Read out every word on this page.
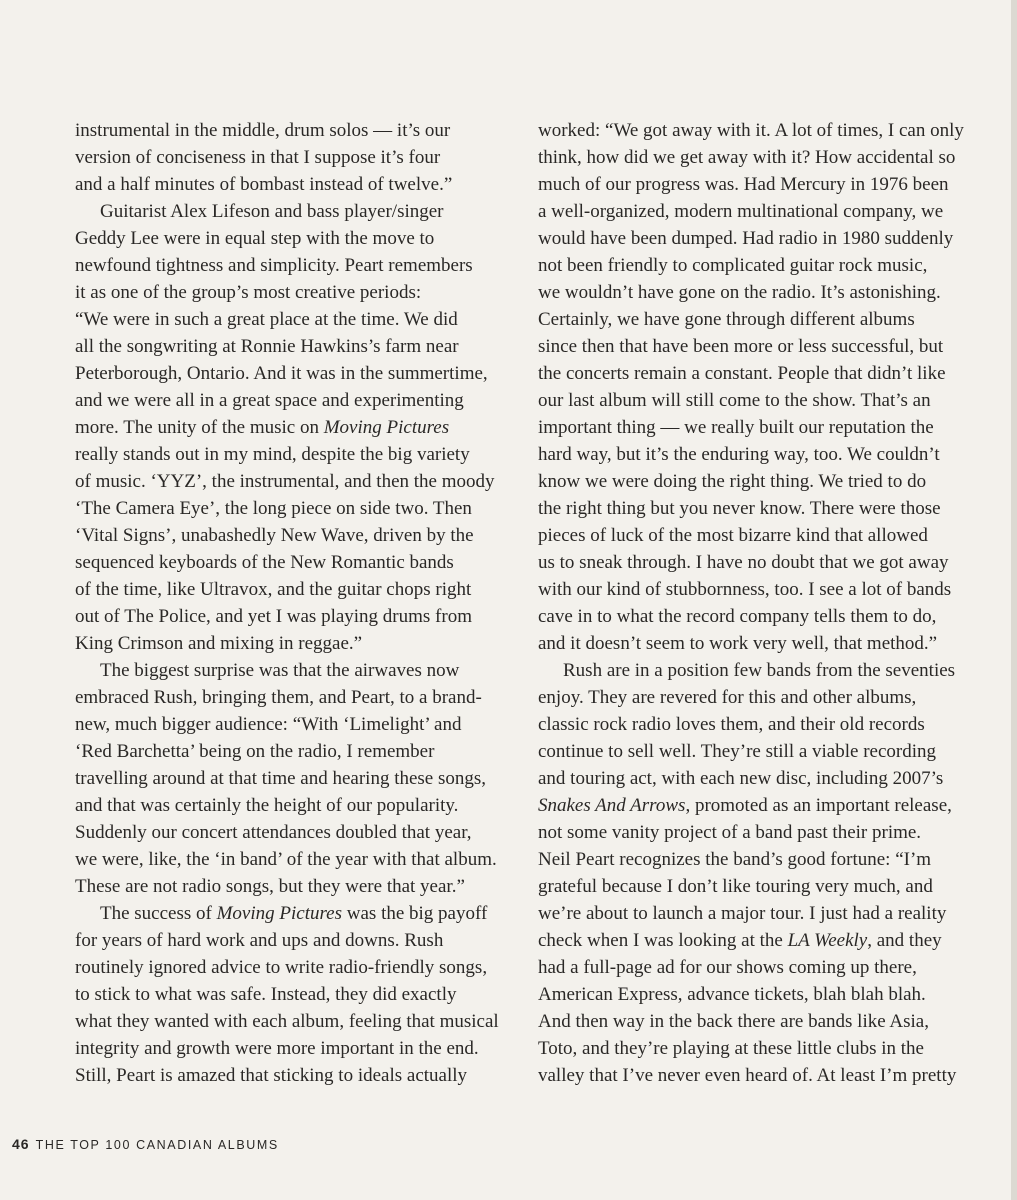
instrumental in the middle, drum solos — it’s our
version of conciseness in that I suppose it’s four
and a half minutes of bombast instead of twelve.”
Guitarist Alex Lifeson and bass player/singer
Geddy Lee were in equal step with the move to
newfound tightness and simplicity. Peart remembers
it as one of the group’s most creative periods:
“We were in such a great place at the time. We did
all the songwriting at Ronnie Hawkins’s farm near
Peterborough, Ontario. And it was in the summertime,
and we were all in a great space and experimenting
more. The unity of the music on Moving Pictures
really stands out in my mind, despite the big variety
of music. ‘YYZ’, the instrumental, and then the moody
‘The Camera Eye’, the long piece on side two. Then
‘Vital Signs’, unabashedly New Wave, driven by the
sequenced keyboards of the New Romantic bands
of the time, like Ultravox, and the guitar chops right
out of The Police, and yet I was playing drums from
King Crimson and mixing in reggae.”
The biggest surprise was that the airwaves now
embraced Rush, bringing them, and Peart, to a brand-
new, much bigger audience: “With ‘Limelight’ and
‘Red Barchetta’ being on the radio, I remember
travelling around at that time and hearing these songs,
and that was certainly the height of our popularity.
Suddenly our concert attendances doubled that year,
we were, like, the ‘in band’ of the year with that album.
These are not radio songs, but they were that year.”
The success of Moving Pictures was the big payoff
for years of hard work and ups and downs. Rush
routinely ignored advice to write radio-friendly songs,
to stick to what was safe. Instead, they did exactly
what they wanted with each album, feeling that musical
integrity and growth were more important in the end.
Still, Peart is amazed that sticking to ideals actually
worked: “We got away with it. A lot of times, I can only
think, how did we get away with it? How accidental so
much of our progress was. Had Mercury in 1976 been
a well-organized, modern multinational company, we
would have been dumped. Had radio in 1980 suddenly
not been friendly to complicated guitar rock music,
we wouldn’t have gone on the radio. It’s astonishing.
Certainly, we have gone through different albums
since then that have been more or less successful, but
the concerts remain a constant. People that didn’t like
our last album will still come to the show. That’s an
important thing — we really built our reputation the
hard way, but it’s the enduring way, too. We couldn’t
know we were doing the right thing. We tried to do
the right thing but you never know. There were those
pieces of luck of the most bizarre kind that allowed
us to sneak through. I have no doubt that we got away
with our kind of stubbornness, too. I see a lot of bands
cave in to what the record company tells them to do,
and it doesn’t seem to work very well, that method.”
Rush are in a position few bands from the seventies
enjoy. They are revered for this and other albums,
classic rock radio loves them, and their old records
continue to sell well. They’re still a viable recording
and touring act, with each new disc, including 2007’s
Snakes And Arrows, promoted as an important release,
not some vanity project of a band past their prime.
Neil Peart recognizes the band’s good fortune: “I’m
grateful because I don’t like touring very much, and
we’re about to launch a major tour. I just had a reality
check when I was looking at the LA Weekly, and they
had a full-page ad for our shows coming up there,
American Express, advance tickets, blah blah blah.
And then way in the back there are bands like Asia,
Toto, and they’re playing at these little clubs in the
valley that I’ve never even heard of. At least I’m pretty
46 THE TOP 100 CANADIAN ALBUMS
